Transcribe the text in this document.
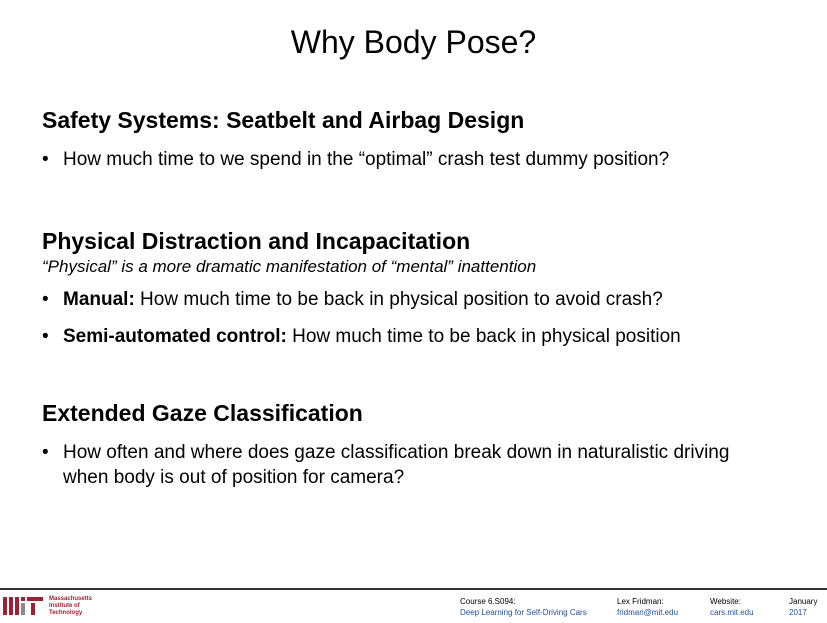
Why Body Pose?
Safety Systems: Seatbelt and Airbag Design
• How much time to we spend in the “optimal” crash test dummy position?
Physical Distraction and Incapacitation
“Physical” is a more dramatic manifestation of “mental” inattention
• Manual: How much time to be back in physical position to avoid crash?
• Semi-automated control: How much time to be back in physical position
Extended Gaze Classification
• How often and where does gaze classification break down in naturalistic driving when body is out of position for camera?
Massachusetts
Institute of
Technology
Course 6.S094:
Deep Learning for Self-Driving Cars
Lex Fridman:
fridman@mit.edu
Website:
cars.mit.edu
January
2017
